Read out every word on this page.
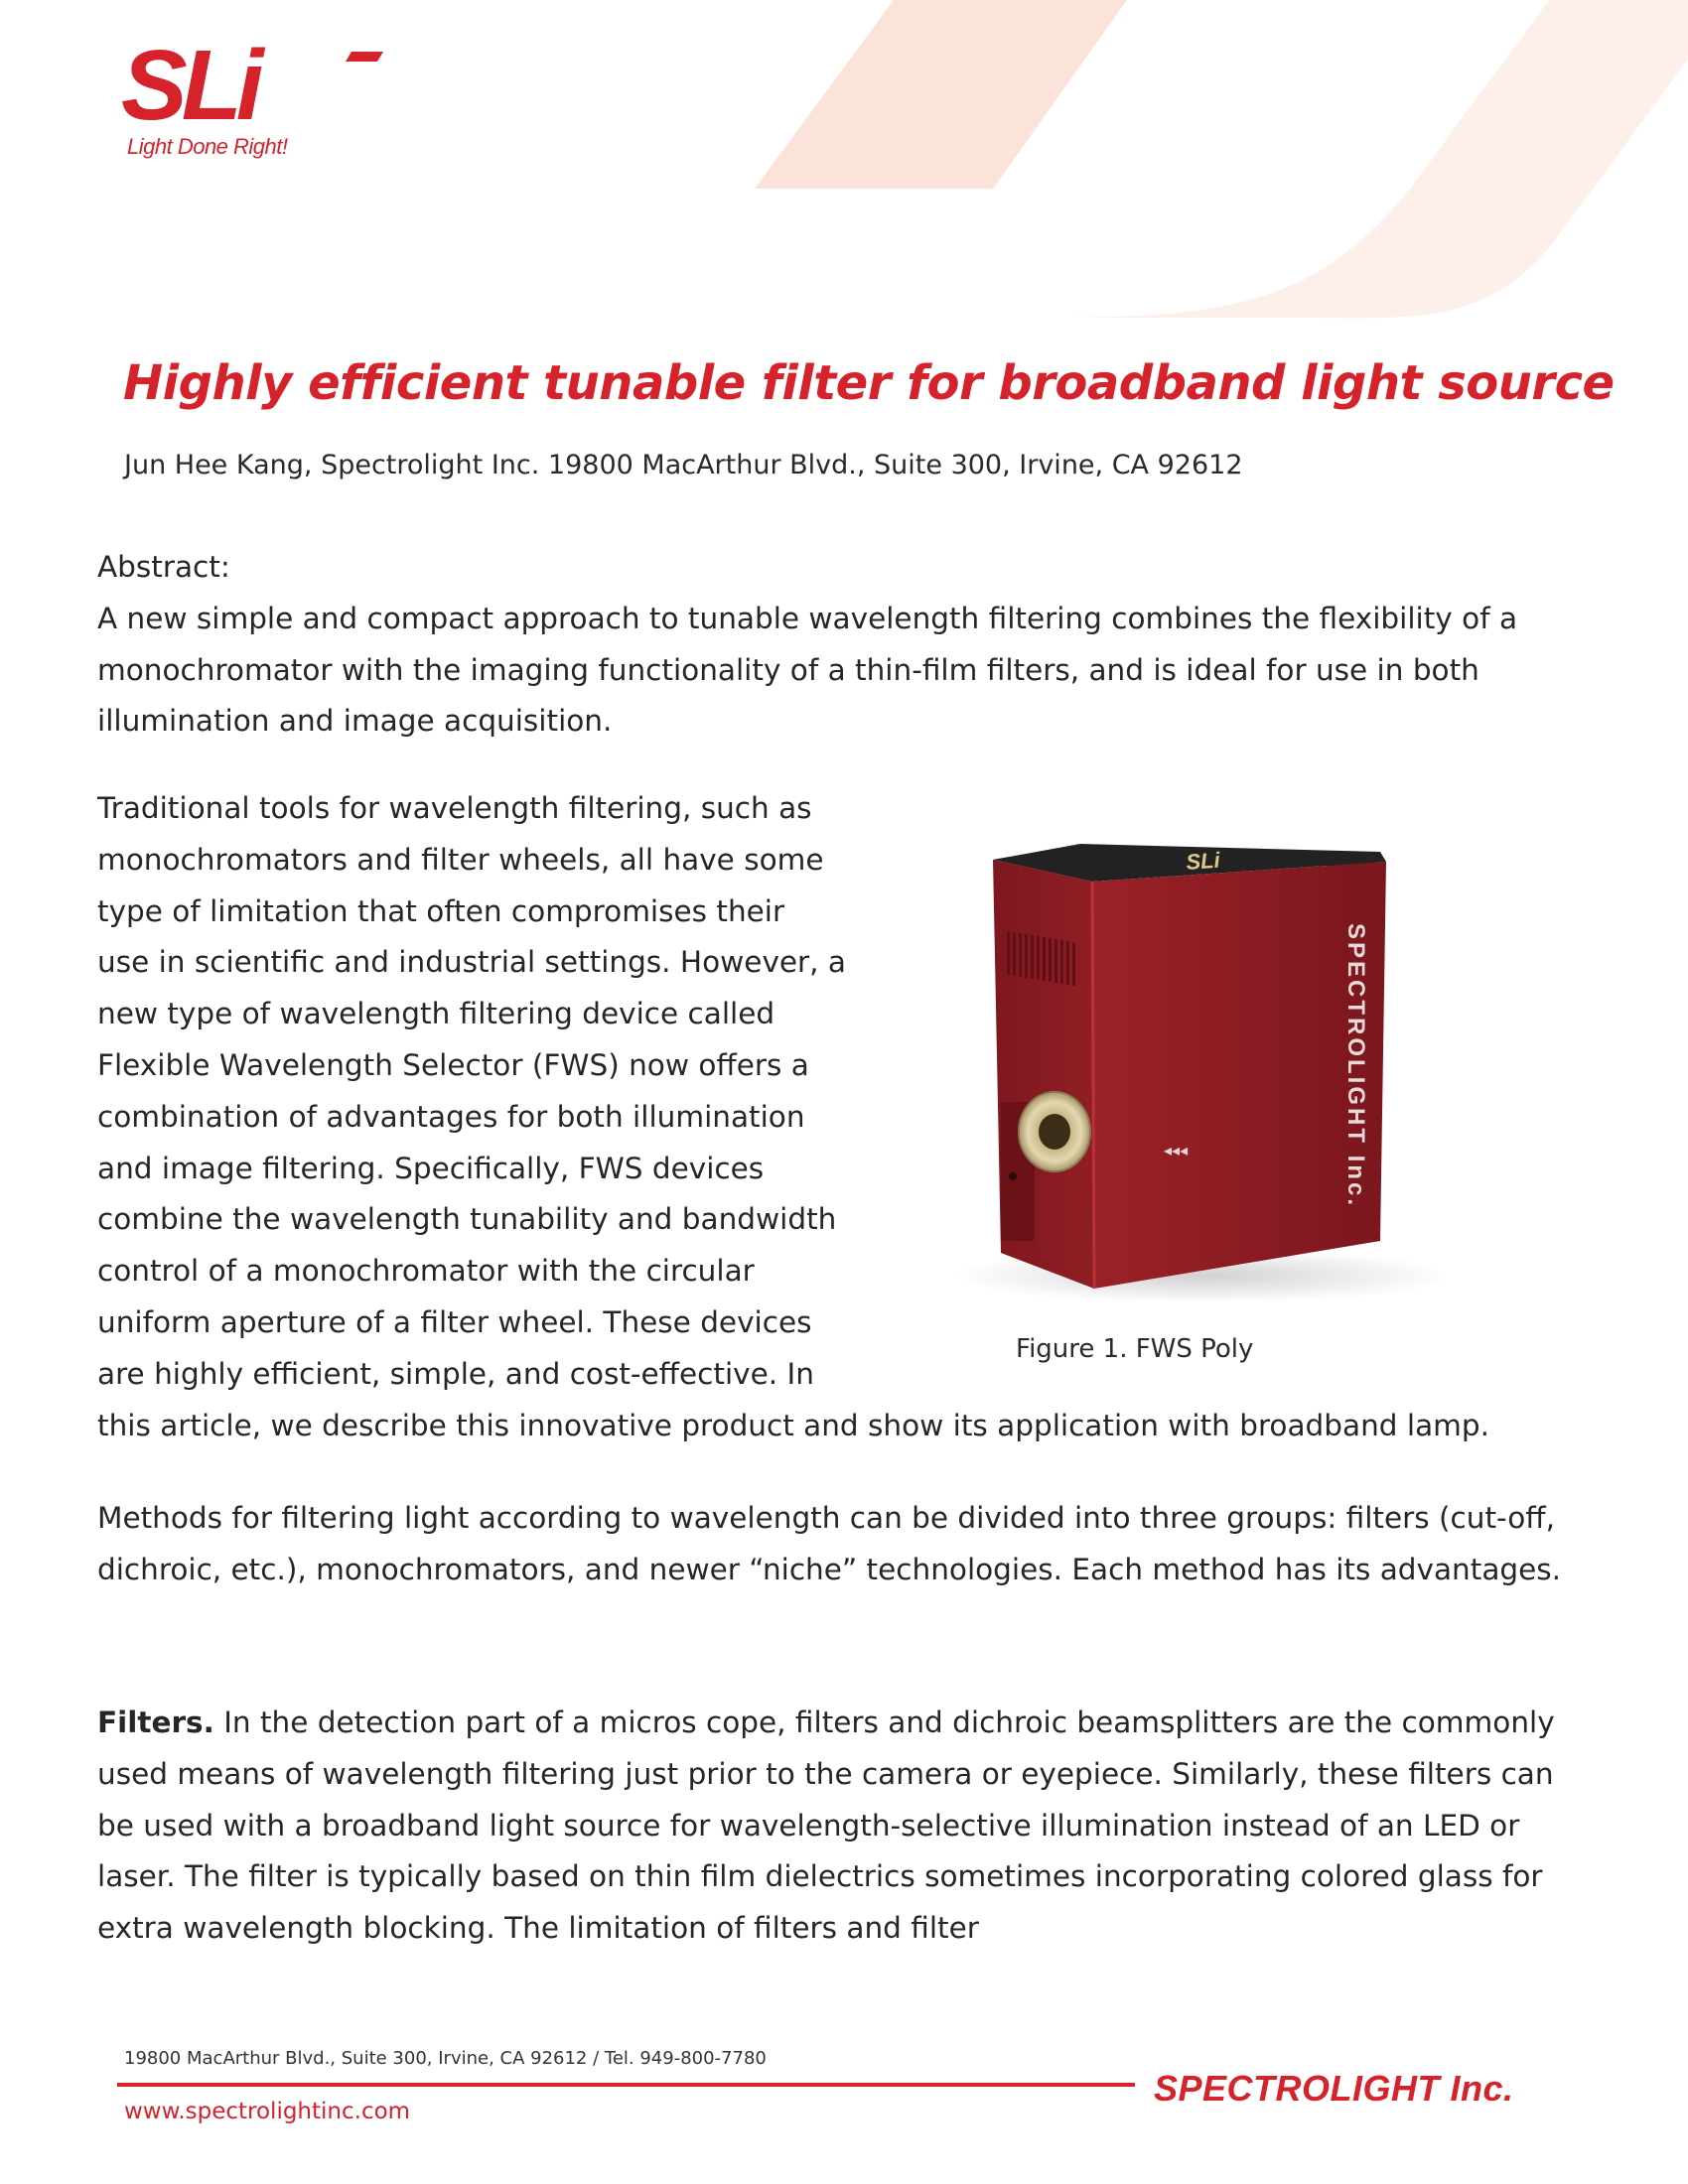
SLi
Light Done Right!
Highly efficient tunable filter for broadband light source
Jun Hee Kang, Spectrolight Inc. 19800 MacArthur Blvd., Suite 300, Irvine, CA 92612

Abstract:

A new simple and compact approach to tunable wavelength filtering combines the flexibility of a monochromator with the imaging functionality of a thin-film filters, and is ideal for use in both illumination and image acquisition.

Traditional tools for wavelength filtering, such as
monochromators and filter wheels, all have some
type of limitation that often compromises their
use in scientific and industrial settings. However, a
new type of wavelength filtering device called
Flexible Wavelength Selector (FWS) now offers a
combination of advantages for both illumination
and image filtering. Specifically, FWS devices
combine the wavelength tunability and bandwidth
control of a monochromator with the circular
uniform aperture of a filter wheel. These devices
are highly efficient, simple, and cost-effective. In
this article, we describe this innovative product and show its application with broadband lamp.
SLi
◂◂◂	SPECTROLIGHT Inc.
Figure 1. FWS Poly

Methods for filtering light according to wavelength can be divided into three groups: filters (cut-off, dichroic, etc.), monochromators, and newer “niche” technologies. Each method has its advantages.

Filters. In the detection part of a micros cope, filters and dichroic beamsplitters are the commonly used means of wavelength filtering just prior to the camera or eyepiece. Similarly, these filters can be used with a broadband light source for wavelength-selective illumination instead of an LED or laser. The filter is typically based on thin film dielectrics sometimes incorporating colored glass for extra wavelength blocking. The limitation of filters and filter

19800 MacArthur Blvd., Suite 300, Irvine, CA 92612 / Tel. 949-800-7780
www.spectrolightinc.com
SPECTROLIGHT Inc.
